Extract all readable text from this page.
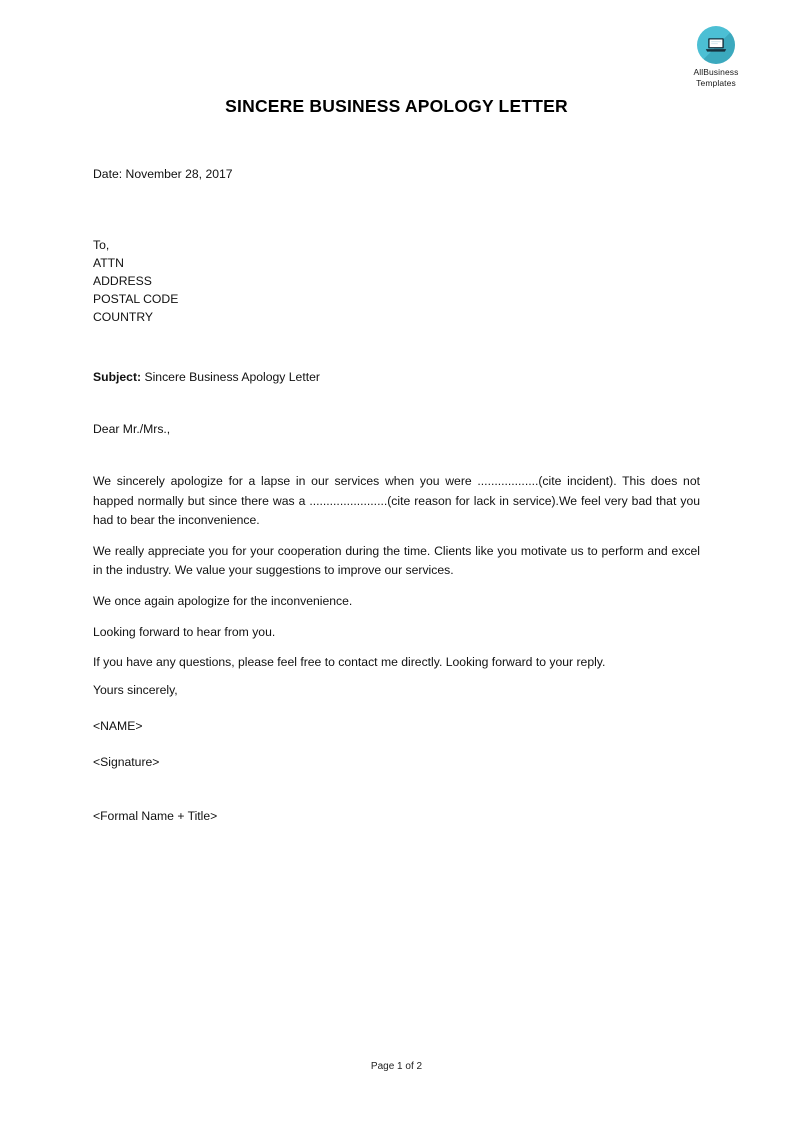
AllBusiness
Templates
SINCERE BUSINESS APOLOGY LETTER
Date: November 28, 2017
To,
ATTN
ADDRESS
POSTAL CODE
COUNTRY
Subject: Sincere Business Apology Letter
Dear Mr./Mrs.,

We sincerely apologize for a lapse in our services when you were ..................(cite incident). This does not happed normally but since there was a .......................(cite reason for lack in service).We feel very bad that you had to bear the inconvenience.

We really appreciate you for your cooperation during the time. Clients like you motivate us to perform and excel in the industry. We value your suggestions to improve our services.

We once again apologize for the inconvenience.

Looking forward to hear from you.

If you have any questions, please feel free to contact me directly. Looking forward to your reply.

Yours sincerely,
<NAME>
<Signature>
<Formal Name + Title>
Page 1 of 2
